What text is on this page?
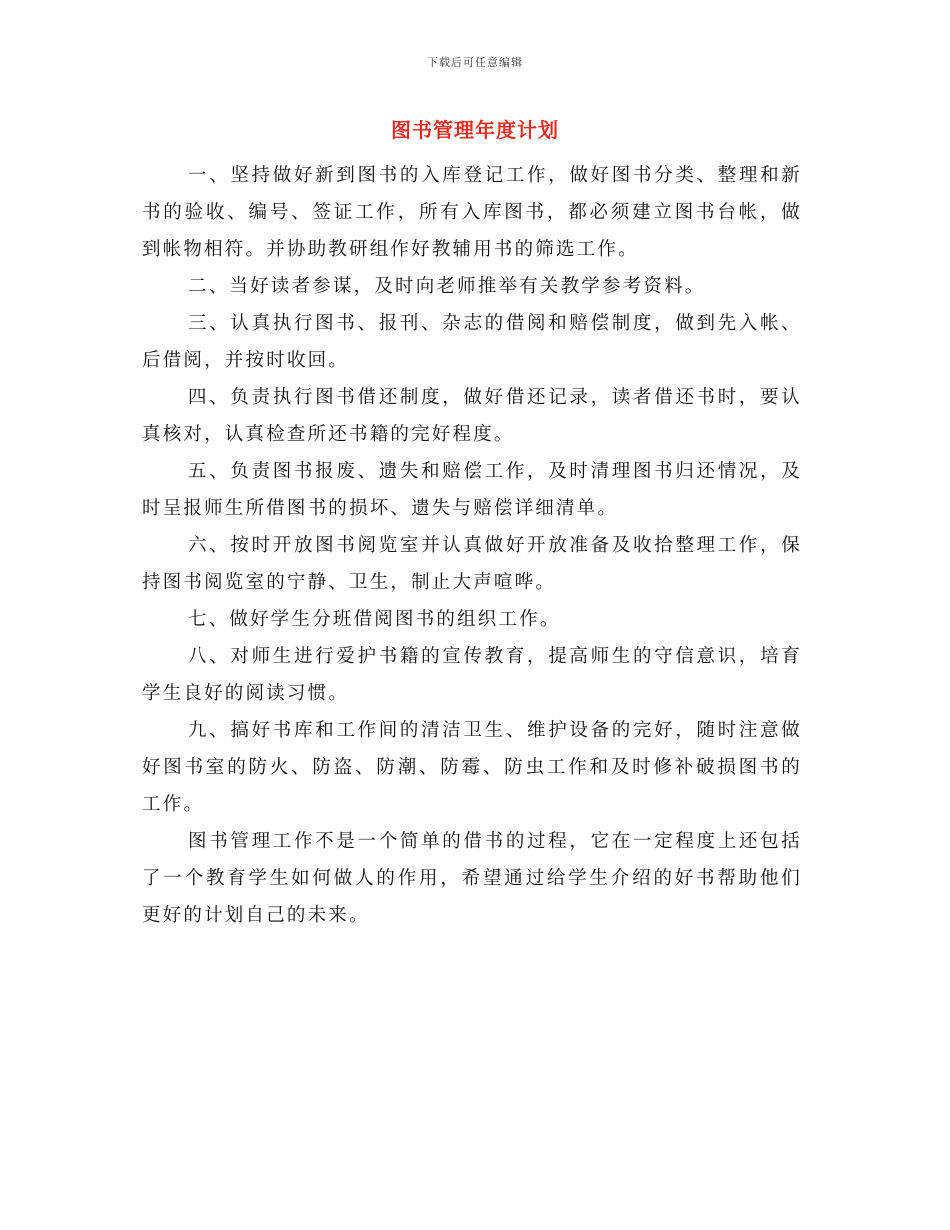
下载后可任意编辑
图书管理年度计划

一、坚持做好新到图书的入库登记工作，做好图书分类、整理和新书的验收、编号、签证工作，所有入库图书，都必须建立图书台帐，做到帐物相符。并协助教研组作好教辅用书的筛选工作。

二、当好读者参谋，及时向老师推举有关教学参考资料。

三、认真执行图书、报刊、杂志的借阅和赔偿制度，做到先入帐、后借阅，并按时收回。

四、负责执行图书借还制度，做好借还记录，读者借还书时，要认真核对，认真检查所还书籍的完好程度。

五、负责图书报废、遗失和赔偿工作，及时清理图书归还情况，及时呈报师生所借图书的损坏、遗失与赔偿详细清单。

六、按时开放图书阅览室并认真做好开放准备及收拾整理工作，保持图书阅览室的宁静、卫生，制止大声喧哗。

七、做好学生分班借阅图书的组织工作。

八、对师生进行爱护书籍的宣传教育，提高师生的守信意识，培育学生良好的阅读习惯。

九、搞好书库和工作间的清洁卫生、维护设备的完好，随时注意做好图书室的防火、防盗、防潮、防霉、防虫工作和及时修补破损图书的工作。

图书管理工作不是一个简单的借书的过程，它在一定程度上还包括了一个教育学生如何做人的作用，希望通过给学生介绍的好书帮助他们更好的计划自己的未来。
